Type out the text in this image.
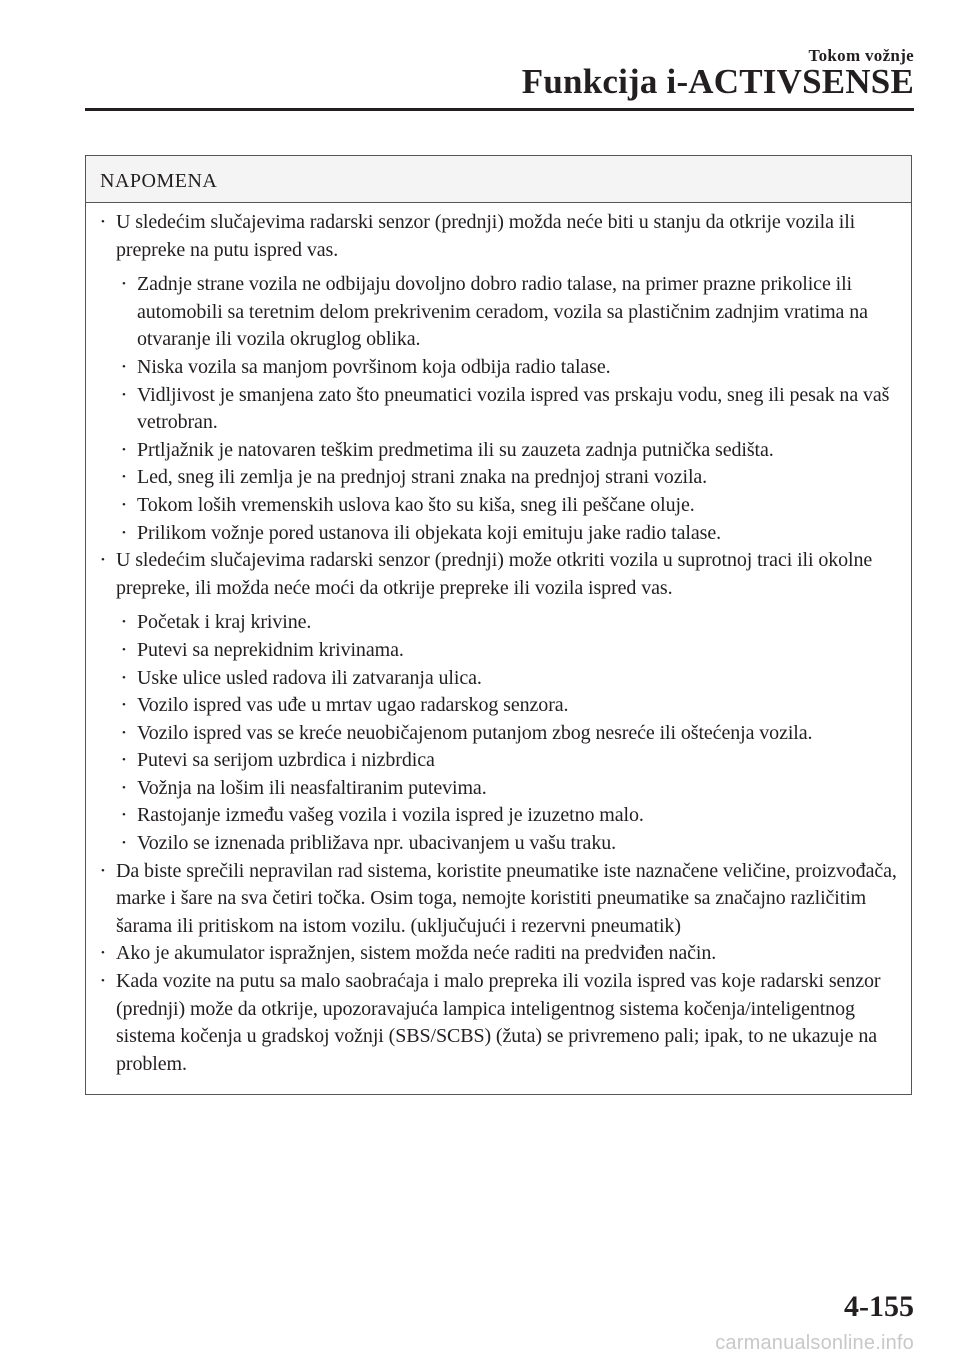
Tokom vožnje
Funkcija i-ACTIVSENSE
NAPOMENA
• U sledećim slučajevima radarski senzor (prednji) možda neće biti u stanju da otkrije vozila ili prepreke na putu ispred vas.
• Zadnje strane vozila ne odbijaju dovoljno dobro radio talase, na primer prazne prikolice ili automobili sa teretnim delom prekrivenim ceradom, vozila sa plastičnim zadnjim vratima na otvaranje ili vozila okruglog oblika.
• Niska vozila sa manjom površinom koja odbija radio talase.
• Vidljivost je smanjena zato što pneumatici vozila ispred vas prskaju vodu, sneg ili pesak na vaš vetrobran.
• Prtljažnik je natovaren teškim predmetima ili su zauzeta zadnja putnička sedišta.
• Led, sneg ili zemlja je na prednjoj strani znaka na prednjoj strani vozila.
• Tokom loših vremenskih uslova kao što su kiša, sneg ili peščane oluje.
• Prilikom vožnje pored ustanova ili objekata koji emituju jake radio talase.
• U sledećim slučajevima radarski senzor (prednji) može otkriti vozila u suprotnoj traci ili okolne prepreke, ili možda neće moći da otkrije prepreke ili vozila ispred vas.
• Početak i kraj krivine.
• Putevi sa neprekidnim krivinama.
• Uske ulice usled radova ili zatvaranja ulica.
• Vozilo ispred vas uđe u mrtav ugao radarskog senzora.
• Vozilo ispred vas se kreće neuobičajenom putanjom zbog nesreće ili oštećenja vozila.
• Putevi sa serijom uzbrdica i nizbrdica
• Vožnja na lošim ili neasfaltiranim putevima.
• Rastojanje između vašeg vozila i vozila ispred je izuzetno malo.
• Vozilo se iznenada približava npr. ubacivanjem u vašu traku.
• Da biste sprečili nepravilan rad sistema, koristite pneumatike iste naznačene veličine, proizvođača, marke i šare na sva četiri točka. Osim toga, nemojte koristiti pneumatike sa značajno različitim šarama ili pritiskom na istom vozilu. (uključujući i rezervni pneumatik)
• Ako je akumulator ispražnjen, sistem možda neće raditi na predviđen način.
• Kada vozite na putu sa malo saobraćaja i malo prepreka ili vozila ispred vas koje radarski senzor (prednji) može da otkrije, upozoravajuća lampica inteligentnog sistema kočenja/inteligentnog sistema kočenja u gradskoj vožnji (SBS/SCBS) (žuta) se privremeno pali; ipak, to ne ukazuje na problem.
4-155
carmanualsonline.info
